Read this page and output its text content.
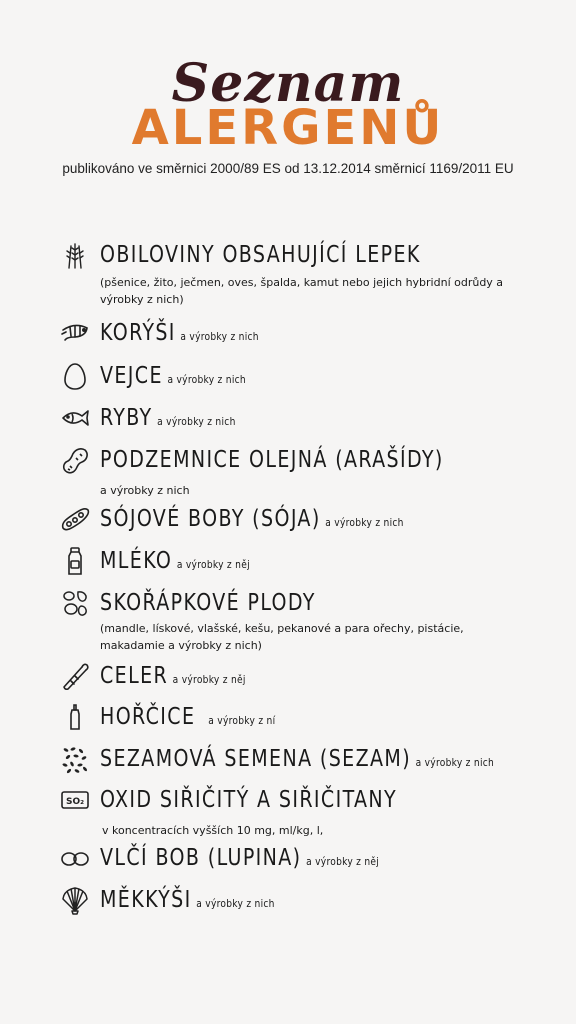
Seznam
ALERGENŮ
publikováno ve směrnici 2000/89 ES od 13.12.2014 směrnicí 1169/2011 EU
OBILOVINY OBSAHUJÍCÍ LEPEK
(pšenice, žito, ječmen, oves, špalda, kamut nebo jejich hybridní odrůdy a výrobky z nich)
KORÝŠI a výrobky z nich
VEJCE a výrobky z nich
RYBY a výrobky z nich
PODZEMNICE OLEJNÁ (ARAŠÍDY)
a výrobky z nich
SÓJOVÉ BOBY (SÓJA) a výrobky z nich
MLÉKO a výrobky z něj
SKOŘÁPKOVÉ PLODY
(mandle, lískové, vlašské, kešu, pekanové a para ořechy, pistácie, makadamie a výrobky z nich)
CELER a výrobky z něj
HOŘČICE a výrobky z ní
SEZAMOVÁ SEMENA (SEZAM) a výrobky z nich
SO₂ OXID SIŘIČITÝ A SIŘIČITANY
v koncentracích vyšších 10 mg, ml/kg, l,
VLČÍ BOB (LUPINA) a výrobky z něj
MĚKKÝŠI a výrobky z nich
